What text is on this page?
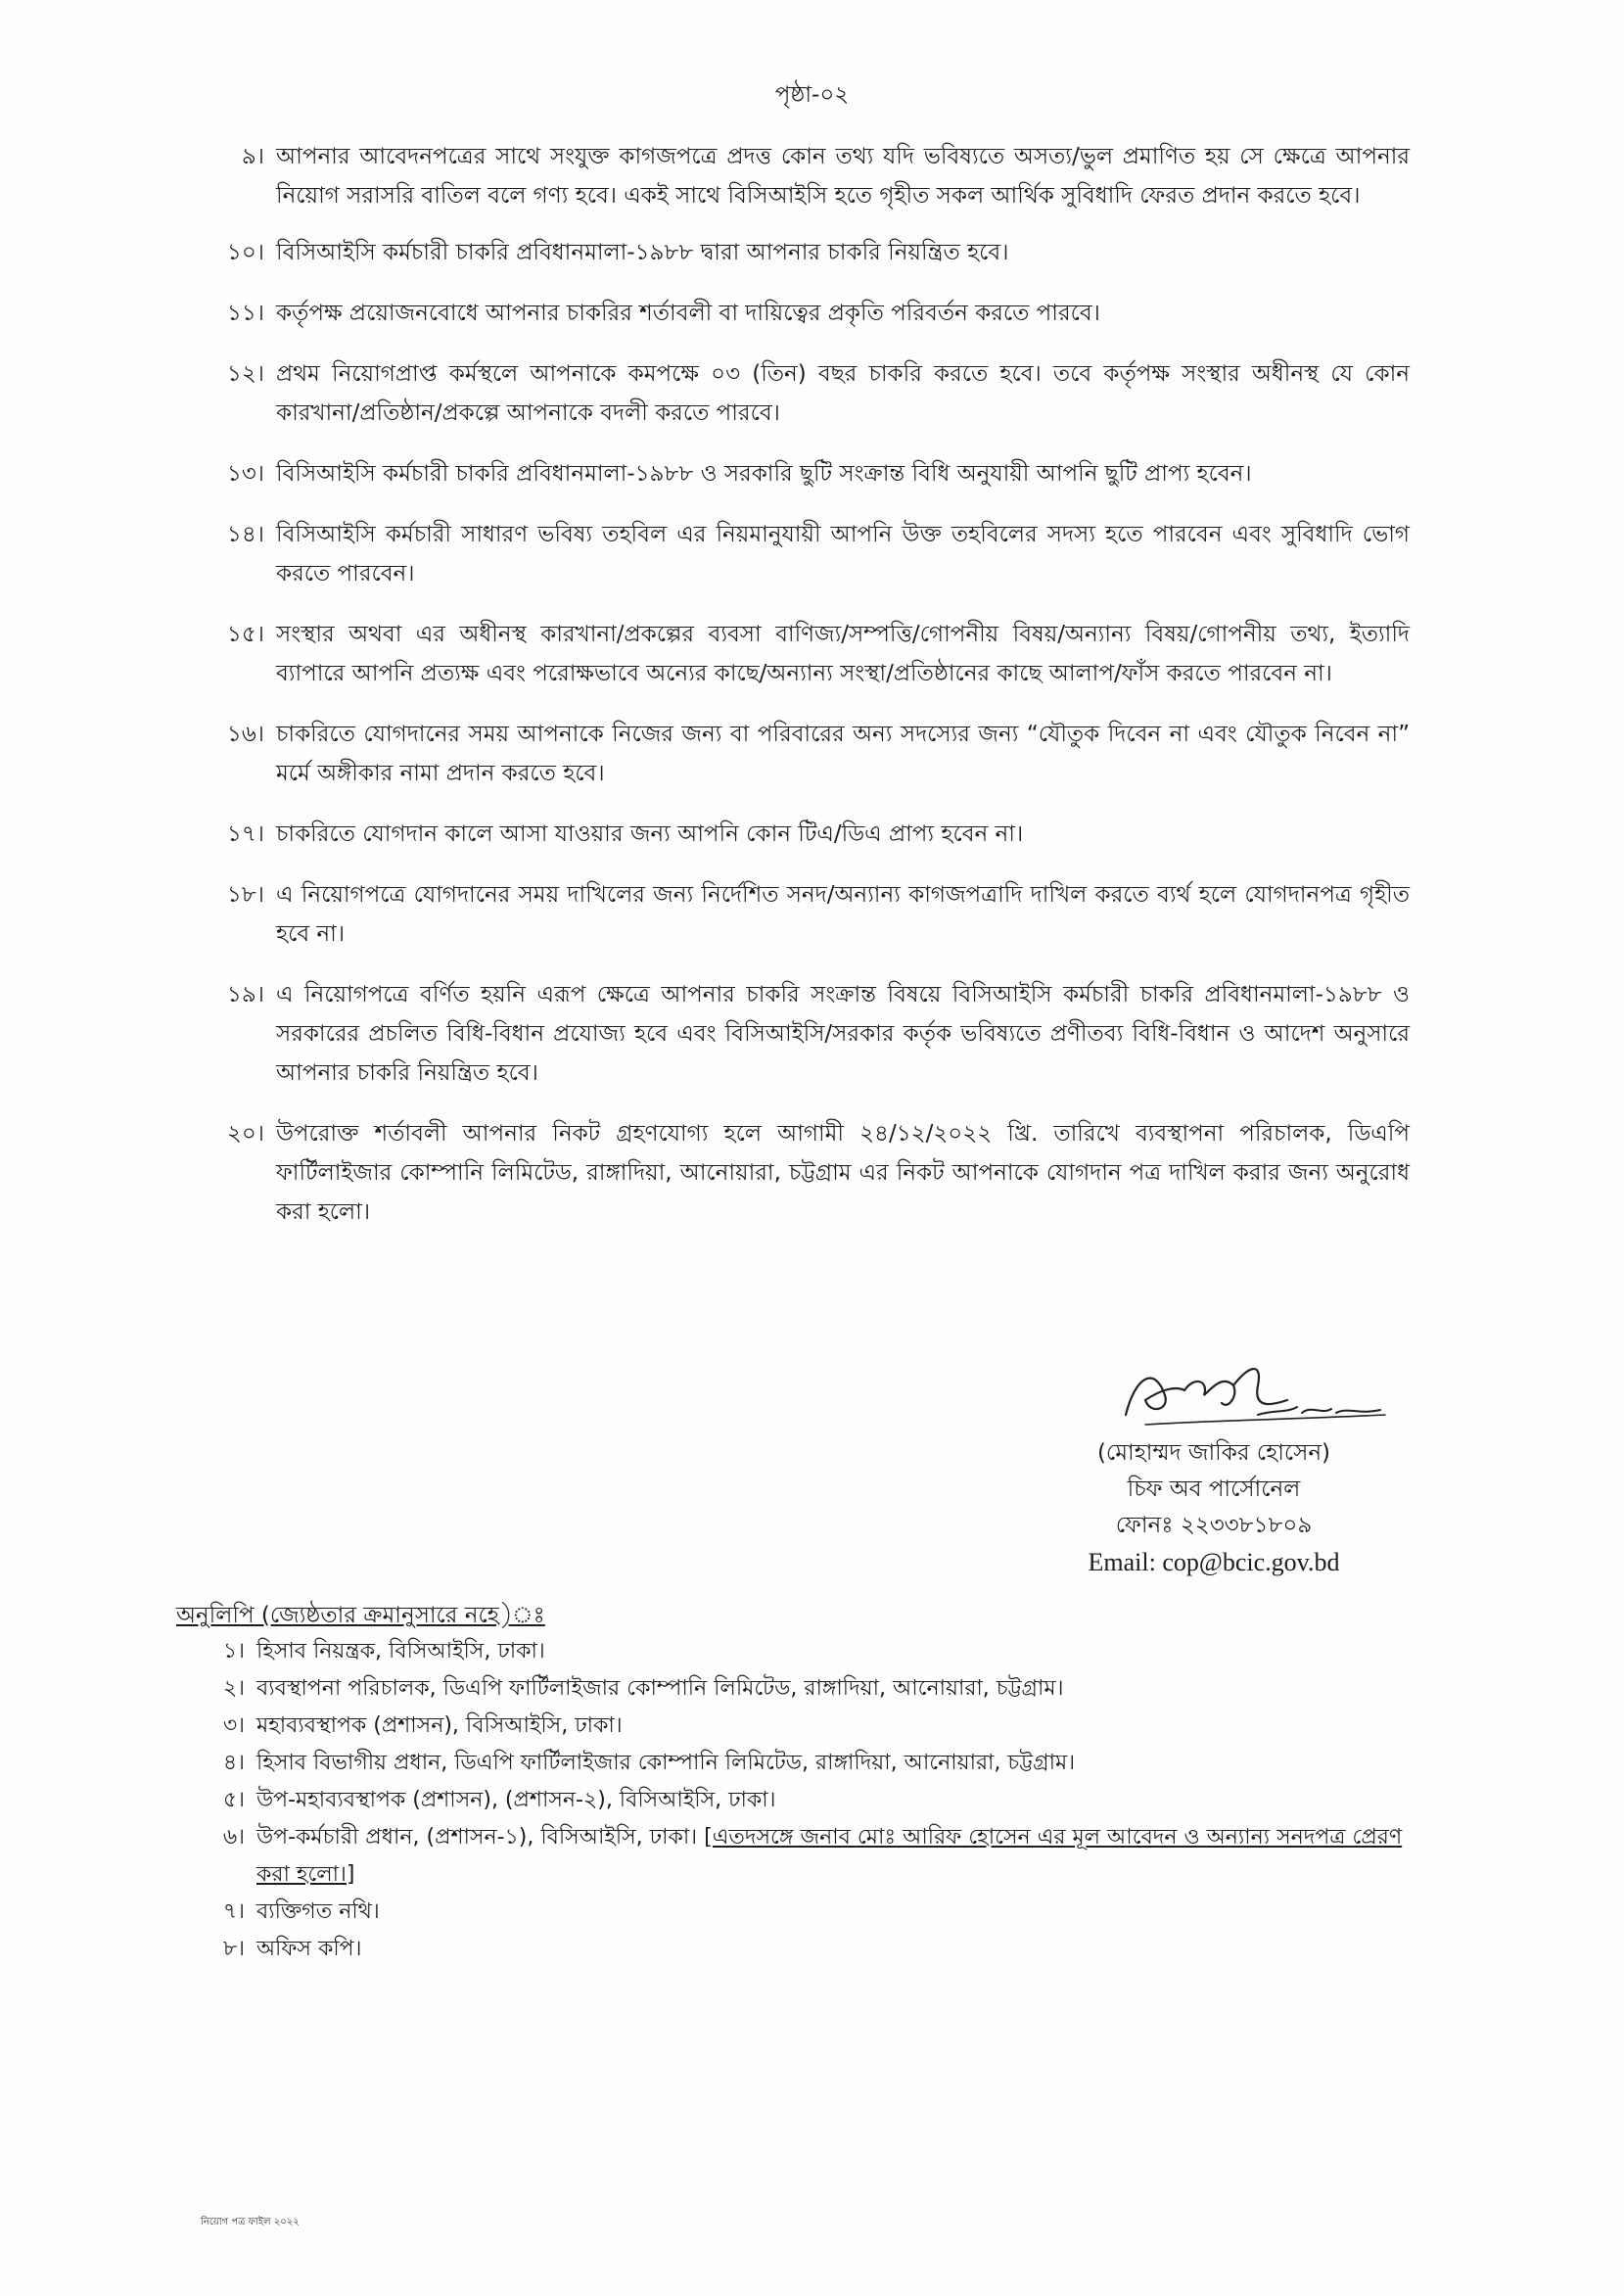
পৃষ্ঠা-০২
৯। আপনার আবেদনপত্রের সাথে সংযুক্ত কাগজপত্রে প্রদত্ত কোন তথ্য যদি ভবিষ্যতে অসত্য/ভুল প্রমাণিত হয় সে ক্ষেত্রে আপনার নিয়োগ সরাসরি বাতিল বলে গণ্য হবে। একই সাথে বিসিআইসি হতে গৃহীত সকল আর্থিক সুবিধাদি ফেরত প্রদান করতে হবে।
১০। বিসিআইসি কর্মচারী চাকরি প্রবিধানমালা-১৯৮৮ দ্বারা আপনার চাকরি নিয়ন্ত্রিত হবে।
১১। কর্তৃপক্ষ প্রয়োজনবোধে আপনার চাকরির শর্তাবলী বা দায়িত্বের প্রকৃতি পরিবর্তন করতে পারবে।
১২। প্রথম নিয়োগপ্রাপ্ত কর্মস্থলে আপনাকে কমপক্ষে ০৩ (তিন) বছর চাকরি করতে হবে। তবে কর্তৃপক্ষ সংস্থার অধীনস্থ যে কোন কারখানা/প্রতিষ্ঠান/প্রকল্পে আপনাকে বদলী করতে পারবে।
১৩। বিসিআইসি কর্মচারী চাকরি প্রবিধানমালা-১৯৮৮ ও সরকারি ছুটি সংক্রান্ত বিধি অনুযায়ী আপনি ছুটি প্রাপ্য হবেন।
১৪। বিসিআইসি কর্মচারী সাধারণ ভবিষ্য তহবিল এর নিয়মানুযায়ী আপনি উক্ত তহবিলের সদস্য হতে পারবেন এবং সুবিধাদি ভোগ করতে পারবেন।
১৫। সংস্থার অথবা এর অধীনস্থ কারখানা/প্রকল্পের ব্যবসা বাণিজ্য/সম্পত্তি/গোপনীয় বিষয়/অন্যান্য বিষয়/গোপনীয় তথ্য, ইত্যাদি ব্যাপারে আপনি প্রত্যক্ষ এবং পরোক্ষভাবে অন্যের কাছে/অন্যান্য সংস্থা/প্রতিষ্ঠানের কাছে আলাপ/ফাঁস করতে পারবেন না।
১৬। চাকরিতে যোগদানের সময় আপনাকে নিজের জন্য বা পরিবারের অন্য সদস্যের জন্য “যৌতুক দিবেন না এবং যৌতুক নিবেন না” মর্মে অঙ্গীকার নামা প্রদান করতে হবে।
১৭। চাকরিতে যোগদান কালে আসা যাওয়ার জন্য আপনি কোন টিএ/ডিএ প্রাপ্য হবেন না।
১৮। এ নিয়োগপত্রে যোগদানের সময় দাখিলের জন্য নির্দেশিত সনদ/অন্যান্য কাগজপত্রাদি দাখিল করতে ব্যর্থ হলে যোগদানপত্র গৃহীত হবে না।
১৯। এ নিয়োগপত্রে বর্ণিত হয়নি এরূপ ক্ষেত্রে আপনার চাকরি সংক্রান্ত বিষয়ে বিসিআইসি কর্মচারী চাকরি প্রবিধানমালা-১৯৮৮ ও সরকারের প্রচলিত বিধি-বিধান প্রযোজ্য হবে এবং বিসিআইসি/সরকার কর্তৃক ভবিষ্যতে প্রণীতব্য বিধি-বিধান ও আদেশ অনুসারে আপনার চাকরি নিয়ন্ত্রিত হবে।
২০। উপরোক্ত শর্তাবলী আপনার নিকট গ্রহণযোগ্য হলে আগামী ২৪/১২/২০২২ খ্রি. তারিখে ব্যবস্থাপনা পরিচালক, ডিএপি ফার্টিলাইজার কোম্পানি লিমিটেড, রাঙ্গাদিয়া, আনোয়ারা, চট্টগ্রাম এর নিকট আপনাকে যোগদান পত্র দাখিল করার জন্য অনুরোধ করা হলো।
(মোহাম্মদ জাকির হোসেন)
চিফ অব পার্সোনেল
ফোনঃ ২২৩৩৮১৮০৯
Email: cop@bcic.gov.bd
অনুলিপি (জ্যেষ্ঠতার ক্রমানুসারে নহে)ঃ
১। হিসাব নিয়ন্ত্রক, বিসিআইসি, ঢাকা।
২। ব্যবস্থাপনা পরিচালক, ডিএপি ফার্টিলাইজার কোম্পানি লিমিটেড, রাঙ্গাদিয়া, আনোয়ারা, চট্টগ্রাম।
৩। মহাব্যবস্থাপক (প্রশাসন), বিসিআইসি, ঢাকা।
৪। হিসাব বিভাগীয় প্রধান, ডিএপি ফার্টিলাইজার কোম্পানি লিমিটেড, রাঙ্গাদিয়া, আনোয়ারা, চট্টগ্রাম।
৫। উপ-মহাব্যবস্থাপক (প্রশাসন), (প্রশাসন-২), বিসিআইসি, ঢাকা।
৬। উপ-কর্মচারী প্রধান, (প্রশাসন-১), বিসিআইসি, ঢাকা। [এতদসঙ্গে জনাব মোঃ আরিফ হোসেন এর মূল আবেদন ও অন্যান্য সনদপত্র প্রেরণ করা হলো।]
৭। ব্যক্তিগত নথি।
৮। অফিস কপি।
নিয়োগ পত্র ফাইল ২০২২
